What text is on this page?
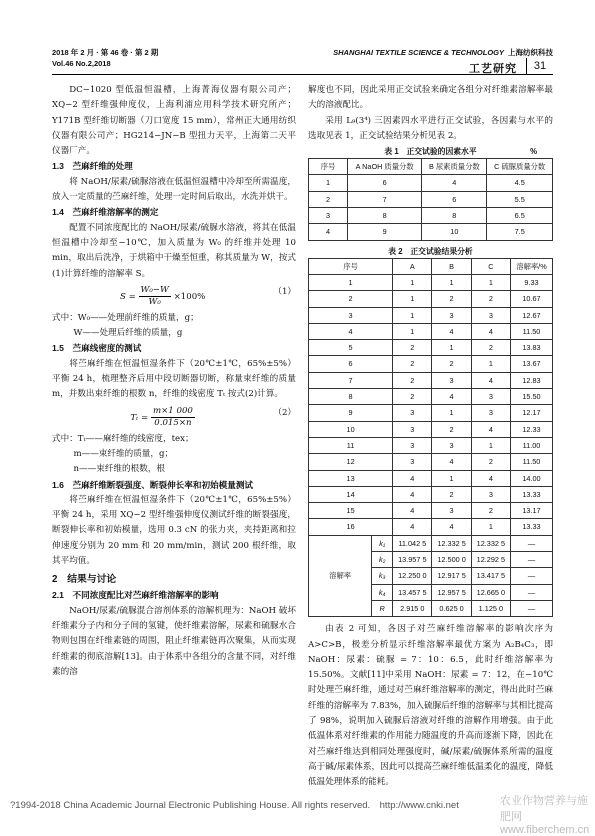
2018 年 2 月 · 第 46 卷 · 第 2 期
Vol.46 No.2,2018
SHANGHAI TEXTILE SCIENCE & TECHNOLOGY 上海纺织科技
工艺研究	31

DC−1020 型低温恒温槽，上海菁海仪器有限公司产；XQ−2 型纤维强伸度仪，上海利浦应用科学技术研究所产；Y171B 型纤维切断器（刀口宽度 15 mm），常州正大通用纺织仪器有限公司产；HG214−JN−B 型扭力天平，上海第二天平仪器厂产。

1.3　苎麻纤维的处理

将 NaOH/尿素/硫脲溶液在低温恒温槽中冷却至所需温度，放入一定质量的苎麻纤维，处理一定时间后取出，水洗并烘干。

1.4　苎麻纤维溶解率的测定

配置不同浓度配比的 NaOH/尿素/硫脲水溶液，将其在低温恒温槽中冷却至−10℃，加入质量为 W₀ 的纤维并处理 10 min，取出后洗净，于烘箱中干燥至恒重，称其质量为 W，按式(1)计算纤维的溶解率 S。

$S = \frac{\text{W₀−W}}{\text{W₀}} \times 100\%$	（1）

式中：W₀——处理前纤维的质量，g；

W——处理后纤维的质量，g

1.5　苎麻线密度的测试

将苎麻纤维在恒温恒湿条件下（20℃±1℃，65%±5%）平衡 24 h，梳理整齐后用中段切断器切断，称量束纤维的质量 m，并数出束纤维的根数 n，纤维的线密度 Tₜ 按式(2)计算。

$T_t = \frac{m\times 1 000}{0.015\times n}$	（2）

式中：Tₜ——麻纤维的线密度，tex；

m——束纤维的质量，g；

n——束纤维的根数，根

1.6　苎麻纤维断裂强度、断裂伸长率和初始模量测试

将苎麻纤维在恒温恒湿条件下（20℃±1℃，65%±5%）平衡 24 h，采用 XQ−2 型纤维强伸度仪测试纤维的断裂强度，断裂伸长率和初始模量，选用 0.3 cN 的张力夹，夹持距离和拉伸速度分别为 20 mm 和 20 mm/min，测试 200 根纤维，取其平均值。

2　结果与讨论
2.1　不同浓度配比对苎麻纤维溶解率的影响

NaOH/尿素/硫脲混合溶剂体系的溶解机理为：NaOH 破坏纤维素分子内和分子间的氢键，使纤维素溶解，尿素和硫脲水合物则包围在纤维素链的周围，阻止纤维素链再次聚集，从而实现纤维素的彻底溶解[13]。由于体系中各组分的含量不同，对纤维素的溶

解度也不同，因此采用正交试验来确定各组分对纤维素溶解率最大的溶液配比。

采用 L₉(3⁴) 三因素四水平进行正交试验，各因素与水平的选取见表 1，正交试验结果分析见表 2。

表 1　正交试验的因素水平	%
序号	A NaOH 质量分数	B 尿素质量分数	C 硫脲质量分数
1	6	4	4.5
2	7	6	5.5
3	8	8	6.5
4	9	10	7.5
表 2　正交试验结果分析
序号		A	B	C	溶解率/%
1		1	1	1	9.33
2		1	2	2	10.67
3		1	3	3	12.67
4		1	4	4	11.50
5		2	1	2	13.83
6		2	2	1	13.67
7		2	3	4	12.83
8		2	4	3	15.50
9		3	1	3	12.17
10		3	2	4	12.33
11		3	3	1	11.00
12		3	4	2	11.50
13		4	1	4	14.00
14		4	2	3	13.33
15		4	3	2	13.17
16		4	4	1	13.33
溶解率	k₁	11.042 5	12.332 5	12.332 5	—
	k₂	13.957 5	12.500 0	12.292 5	—
	k₃	12.250 0	12.917 5	13.417 5	—
	k₄	13.457 5	12.957 5	12.665 0	—
	R	2.915 0	0.625 0	1.125 0	—

由表 2 可知，各因子对苎麻纤维溶解率的影响次序为 A>C>B，极差分析显示纤维溶解率最优方案为 A₂B₄C₃，即 NaOH：尿素：硫脲 = 7：10：6.5，此时纤维溶解率为 15.50%。文献[11]中采用 NaOH：尿素 = 7：12，在−10℃时处理苎麻纤维，通过对苎麻纤维溶解率的测定，得出此时苎麻纤维的溶解率为 7.83%，加入硫脲后纤维的溶解率与其相比提高了 98%，说明加入硫脲后溶液对纤维的溶解作用增强。由于此低温体系对纤维素的作用能力随温度的升高而逐渐下降，因此在对苎麻纤维达到相同处理强度时，碱/尿素/硫脲体系所需的温度高于碱/尿素体系，因此可以提高苎麻纤维低温柔化的温度，降低低温处理体系的能耗。

?1994-2018 China Academic Journal Electronic Publishing House. All rights reserved.　http://www.cnki.net	农业作物营养与施肥网 www.fiberchem.cn
